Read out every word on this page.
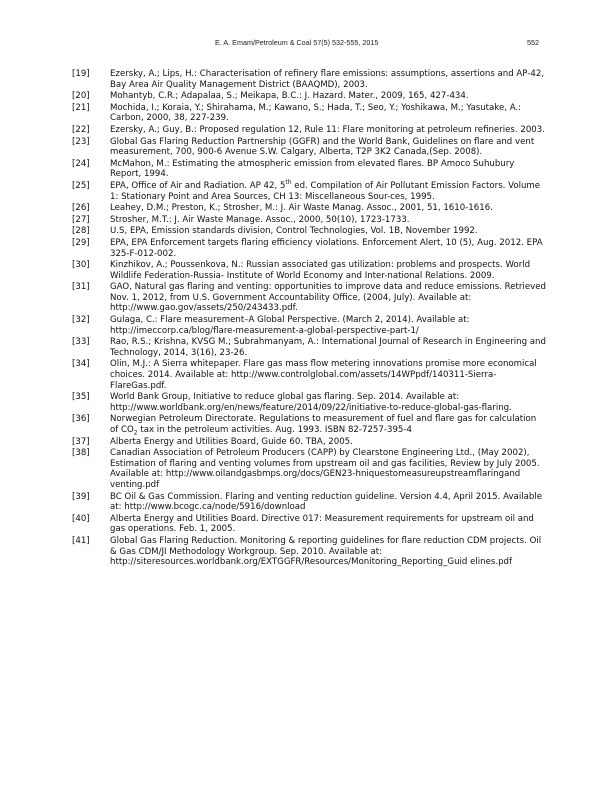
E. A. Emam/Petroleum & Coal 57(5) 532-555, 2015	552
[19]	Ezersky, A.; Lips, H.: Characterisation of refinery flare emissions: assumptions, assertions and AP-42, Bay Area Air Quality Management District (BAAQMD), 2003.
[20]	Mohantyb, C.R.; Adapalaa, S.; Meikapa, B.C.: J. Hazard. Mater., 2009, 165, 427-434.
[21]	Mochida, I.; Koraia, Y.; Shirahama, M.; Kawano, S.; Hada, T.; Seo, Y.; Yoshikawa, M.; Yasutake, A.: Carbon, 2000, 38, 227-239.
[22]	Ezersky, A.; Guy, B.: Proposed regulation 12, Rule 11: Flare monitoring at petroleum refineries. 2003.
[23]	Global Gas Flaring Reduction Partnership (GGFR) and the World Bank, Guidelines on flare and vent measurement, 700, 900-6 Avenue S.W. Calgary, Alberta, T2P 3K2 Canada,(Sep. 2008).
[24]	McMahon, M.: Estimating the atmospheric emission from elevated flares. BP Amoco Suhubury Report, 1994.
[25]	EPA, Office of Air and Radiation. AP 42, 5th ed. Compilation of Air Pollutant Emission Factors. Volume 1: Stationary Point and Area Sources, CH 13: Miscellaneous Sour-ces, 1995.
[26]	Leahey, D.M.; Preston, K.; Strosher, M.: J. Air Waste Manag. Assoc., 2001, 51, 1610-1616.
[27]	Strosher, M.T.: J. Air Waste Manage. Assoc., 2000, 50(10), 1723-1733.
[28]	U.S, EPA, Emission standards division, Control Technologies, Vol. 1B, November 1992.
[29]	EPA, EPA Enforcement targets flaring efficiency violations. Enforcement Alert, 10 (5), Aug. 2012. EPA 325-F-012-002.
[30]	Kinzhikov, A.; Poussenkova, N.: Russian associated gas utilization: problems and prospects. World Wildlife Federation-Russia- Institute of World Economy and Inter-national Relations. 2009.
[31]	GAO, Natural gas flaring and venting: opportunities to improve data and reduce emissions. Retrieved Nov. 1, 2012, from U.S. Government Accountability Office, (2004, July). Available at: http://www.gao.gov/assets/250/243433.pdf.
[32]	Gulaga, C.: Flare measurement–A Global Perspective. (March 2, 2014). Available at: http://imeccorp.ca/blog/flare-measurement-a-global-perspective-part-1/
[33]	Rao, R.S.; Krishna, KVSG M.; Subrahmanyam, A.: International Journal of Research in Engineering and Technology, 2014, 3(16), 23-26.
[34]	Olin, M.J.: A Sierra whitepaper. Flare gas mass flow metering innovations promise more economical choices. 2014. Available at: http://www.controlglobal.com/assets/14WPpdf/140311-Sierra-FlareGas.pdf.
[35]	World Bank Group, Initiative to reduce global gas flaring. Sep. 2014. Available at: http://www.worldbank.org/en/news/feature/2014/09/22/initiative-to-reduce-global-gas-flaring.
[36]	Norwegian Petroleum Directorate. Regulations to measurement of fuel and flare gas for calculation of $CO_2$ tax in the petroleum activities. Aug. 1993. ISBN 82-7257-395-4
[37]	Alberta Energy and Utilities Board, Guide 60. TBA, 2005.
[38]	Canadian Association of Petroleum Producers (CAPP) by Clearstone Engineering Ltd., (May 2002), Estimation of flaring and venting volumes from upstream oil and gas facilities, Review by July 2005. Available at: http://www.oilandgasbmps.org/docs/GEN23-hniquestomeasureupstreamflaringand venting.pdf
[39]	BC Oil & Gas Commission. Flaring and venting reduction guideline. Version 4.4, April 2015. Available at: http://www.bcogc.ca/node/5916/download
[40]	Alberta Energy and Utilities Board. Directive 017: Measurement requirements for upstream oil and gas operations. Feb. 1, 2005.
[41]	Global Gas Flaring Reduction. Monitoring & reporting guidelines for flare reduction CDM projects. Oil & Gas CDM/JI Methodology Workgroup. Sep. 2010. Available at: http://siteresources.worldbank.org/EXTGGFR/Resources/Monitoring_Reporting_Guid elines.pdf
